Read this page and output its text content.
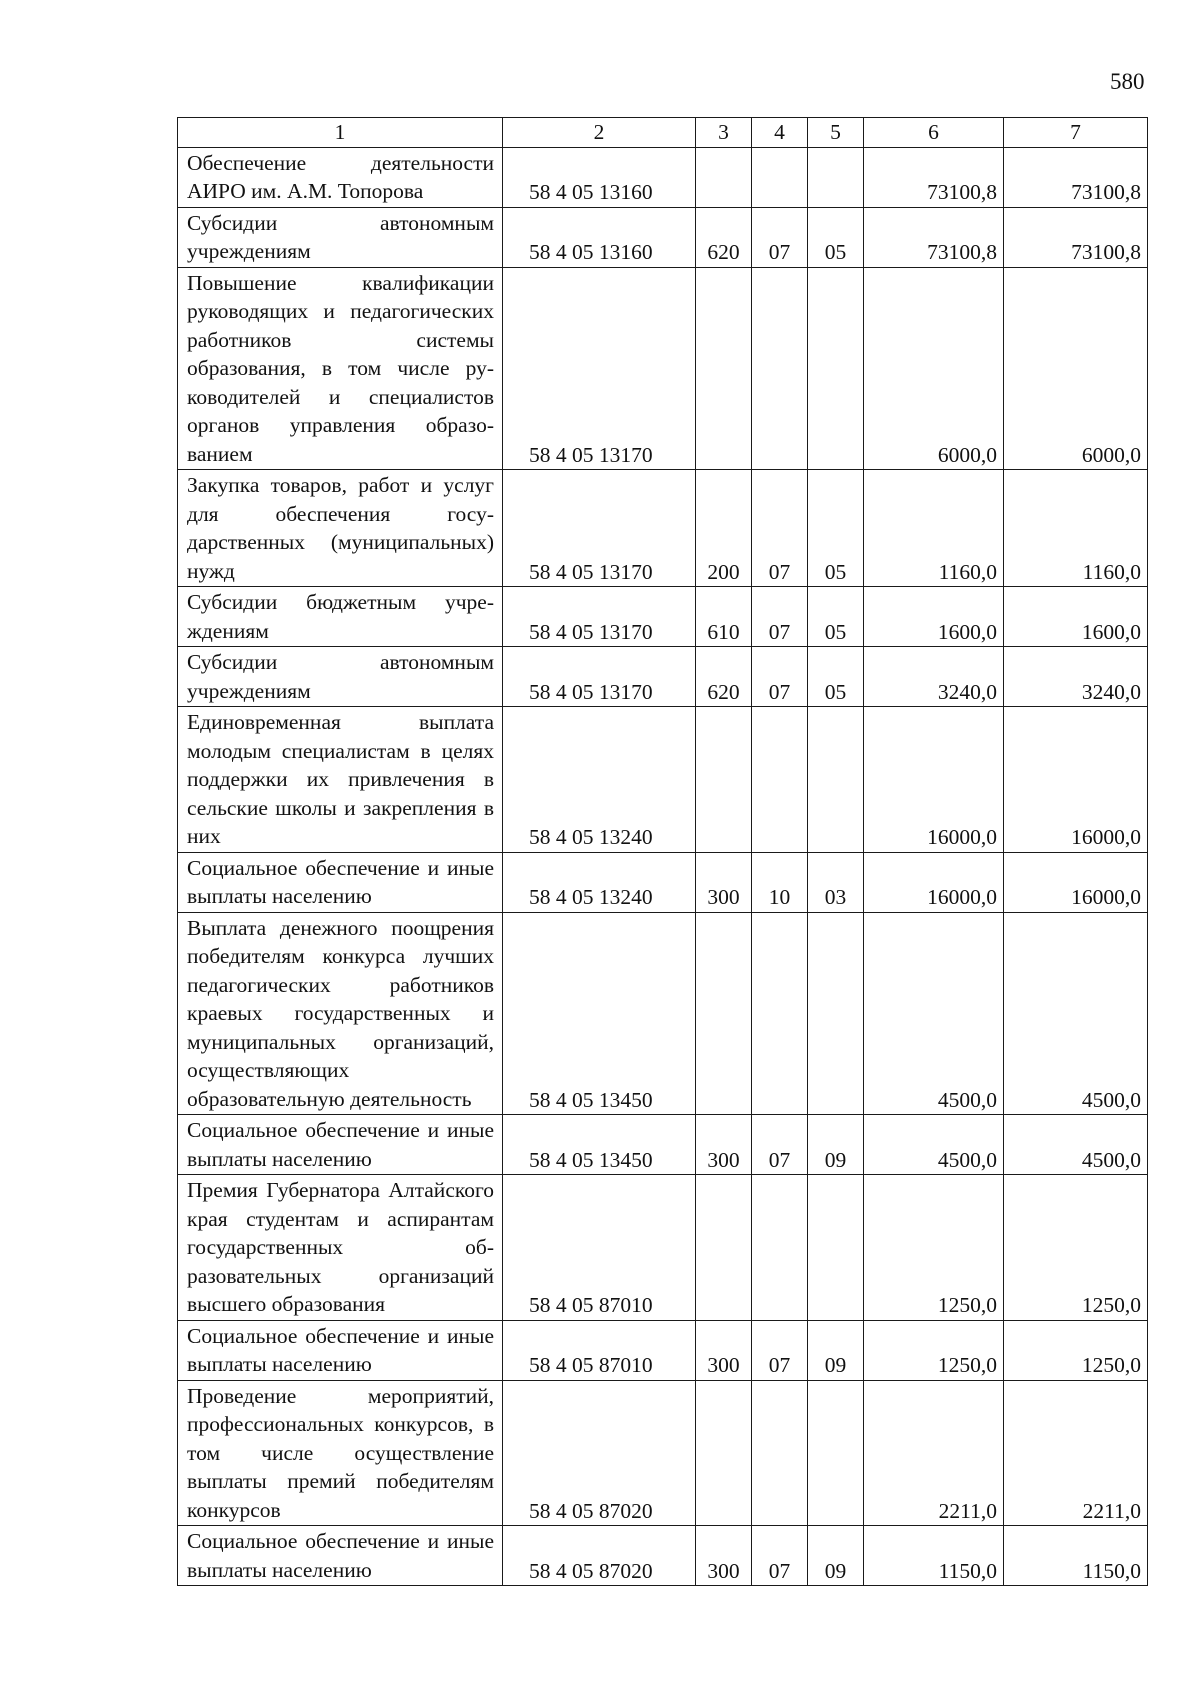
580
1	2	3	4	5	6	7
Обеспечение деятельности АИРО им. А.М. Топорова	58 4 05 13160				73100,8	73100,8
Субсидии автономным учреждениям	58 4 05 13160	620	07	05	73100,8	73100,8
Повышение квалификации руководящих и педагогических работников системы образования, в том числе руководителей и специалистов органов управления образованием	58 4 05 13170				6000,0	6000,0
Закупка товаров, работ и услуг для обеспечения государственных (муниципальных) нужд	58 4 05 13170	200	07	05	1160,0	1160,0
Субсидии бюджетным учреждениям	58 4 05 13170	610	07	05	1600,0	1600,0
Субсидии автономным учреждениям	58 4 05 13170	620	07	05	3240,0	3240,0
Единовременная выплата молодым специалистам в целях поддержки их привлечения в сельские школы и закрепления в них	58 4 05 13240				16000,0	16000,0
Социальное обеспечение и иные выплаты населению	58 4 05 13240	300	10	03	16000,0	16000,0
Выплата денежного поощрения победителям конкурса лучших педагогических работников краевых государственных и муниципальных организаций, осуществляющих образовательную деятельность	58 4 05 13450				4500,0	4500,0
Социальное обеспечение и иные выплаты населению	58 4 05 13450	300	07	09	4500,0	4500,0
Премия Губернатора Алтайского края студентам и аспирантам государственных образовательных организаций высшего образования	58 4 05 87010				1250,0	1250,0
Социальное обеспечение и иные выплаты населению	58 4 05 87010	300	07	09	1250,0	1250,0
Проведение мероприятий, профессиональных конкурсов, в том числе осуществление выплаты премий победителям конкурсов	58 4 05 87020				2211,0	2211,0
Социальное обеспечение и иные выплаты населению	58 4 05 87020	300	07	09	1150,0	1150,0
